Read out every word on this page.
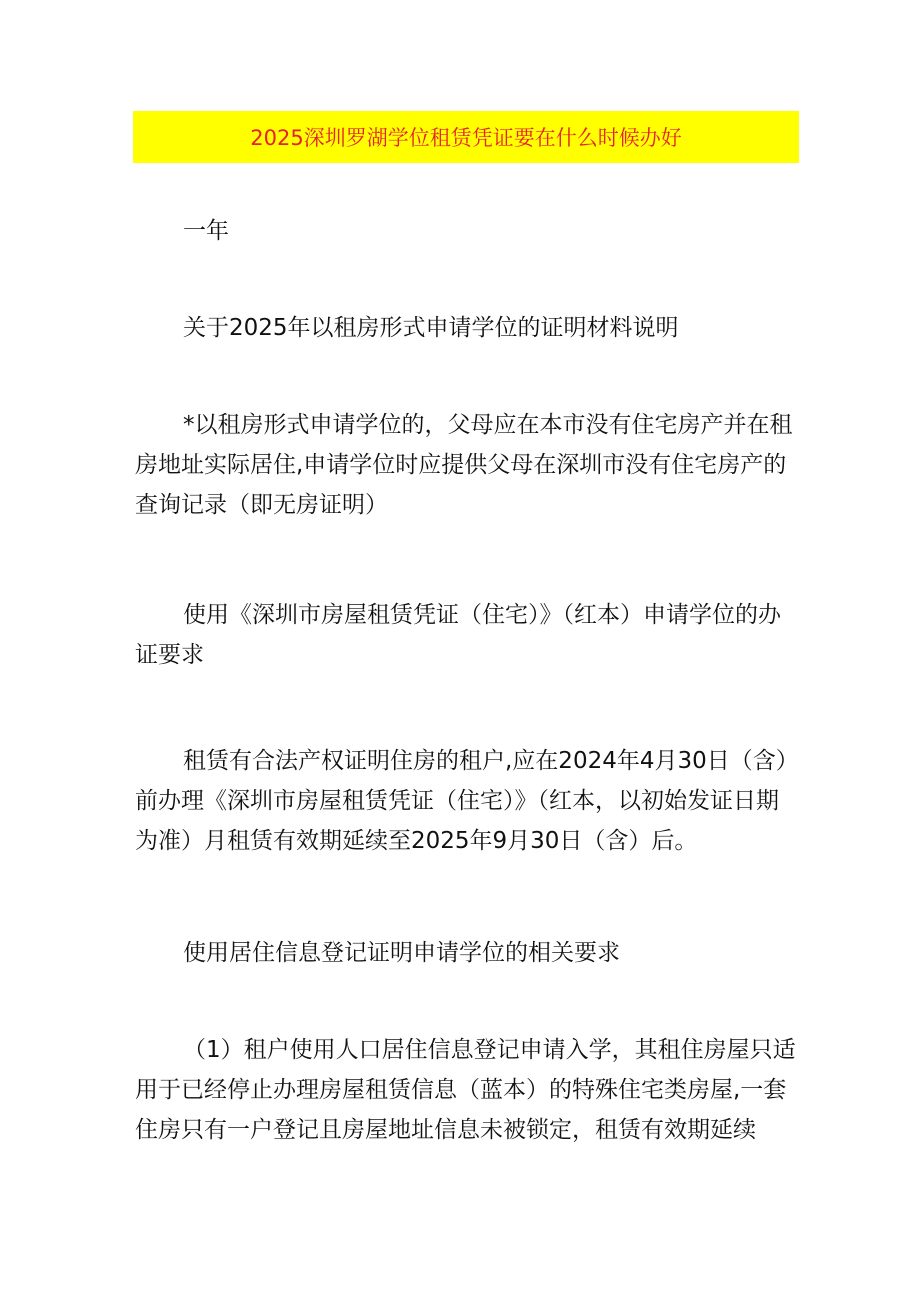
2025深圳罗湖学位租赁凭证要在什么时候办好

一年

关于2025年以租房形式申请学位的证明材料说明

*以租房形式申请学位的，父母应在本市没有住宅房产并在租房地址实际居住,申请学位时应提供父母在深圳市没有住宅房产的查询记录（即无房证明）

使用《深圳市房屋租赁凭证（住宅）》（红本）申请学位的办证要求

租赁有合法产权证明住房的租户,应在2024年4月30日（含）前办理《深圳市房屋租赁凭证（住宅）》（红本，以初始发证日期为准）月租赁有效期延续至2025年9月30日（含）后。

使用居住信息登记证明申请学位的相关要求

（1）租户使用人口居住信息登记申请入学，其租住房屋只适用于已经停止办理房屋租赁信息（蓝本）的特殊住宅类房屋,一套住房只有一户登记且房屋地址信息未被锁定，租赁有效期延续
